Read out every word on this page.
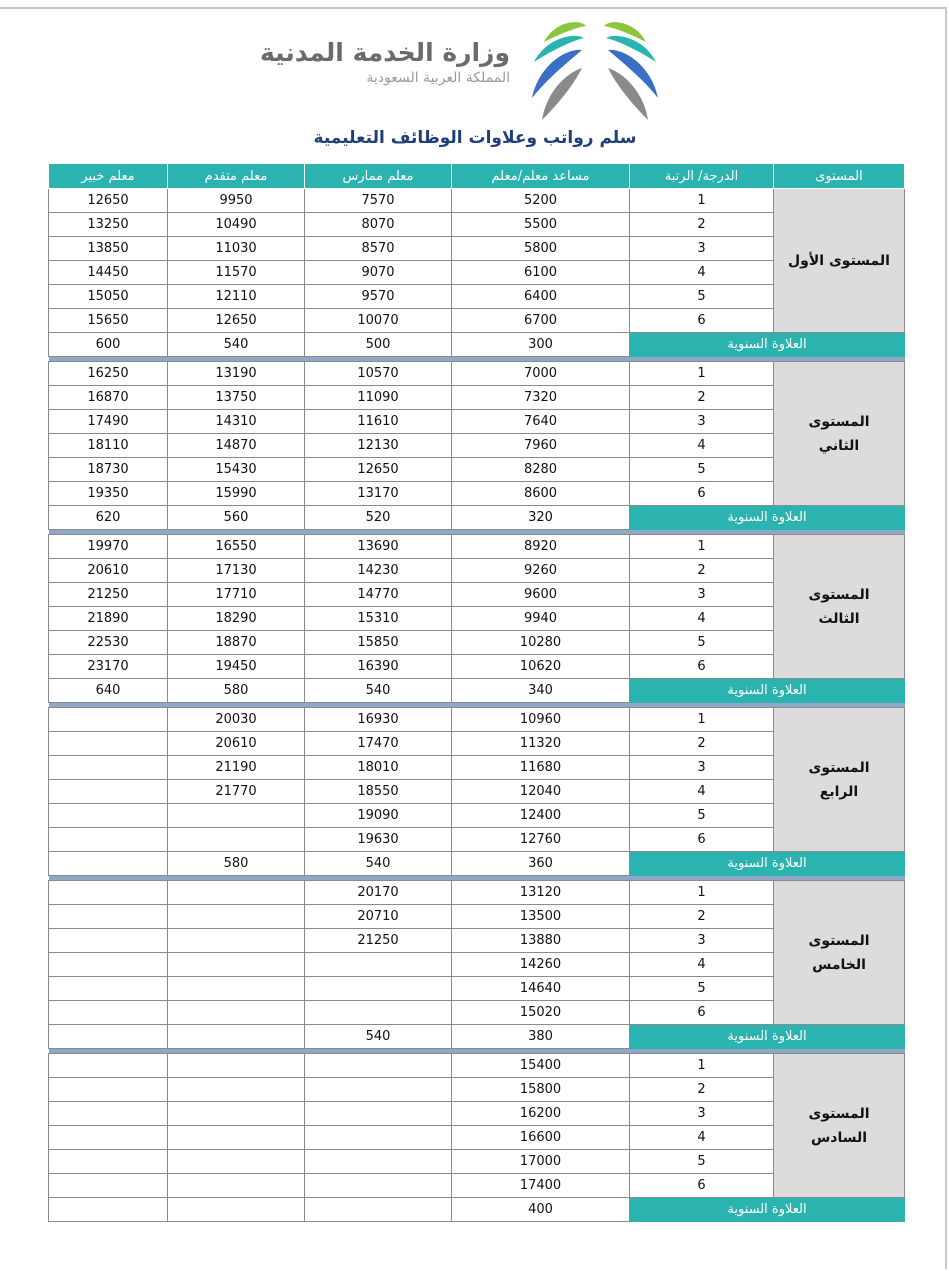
وزارة الخدمة المدنية
المملكة العربية السعودية
سلم رواتب وعلاوات الوظائف التعليمية
المستوى	الدرجة/ الرتبة	مساعد معلم/معلم	معلم ممارس	معلم متقدم	معلم خبير
المستوى الأول	1	5200	7570	9950	12650
	2	5500	8070	10490	13250
	3	5800	8570	11030	13850
	4	6100	9070	11570	14450
	5	6400	9570	12110	15050
	6	6700	10070	12650	15650
العلاوة السنوية		300	500	540	600

المستوى
الثاني	1	7000	10570	13190	16250
	2	7320	11090	13750	16870
	3	7640	11610	14310	17490
	4	7960	12130	14870	18110
	5	8280	12650	15430	18730
	6	8600	13170	15990	19350
العلاوة السنوية		320	520	560	620

المستوى
الثالث	1	8920	13690	16550	19970
	2	9260	14230	17130	20610
	3	9600	14770	17710	21250
	4	9940	15310	18290	21890
	5	10280	15850	18870	22530
	6	10620	16390	19450	23170
العلاوة السنوية		340	540	580	640

المستوى
الرابع	1	10960	16930	20030	
	2	11320	17470	20610	
	3	11680	18010	21190	
	4	12040	18550	21770	
	5	12400	19090		
	6	12760	19630		
العلاوة السنوية		360	540	580	

المستوى
الخامس	1	13120	20170		
	2	13500	20710		
	3	13880	21250		
	4	14260			
	5	14640			
	6	15020			
العلاوة السنوية		380	540		

المستوى
السادس	1	15400			
	2	15800			
	3	16200			
	4	16600			
	5	17000			
	6	17400			
العلاوة السنوية		400			
